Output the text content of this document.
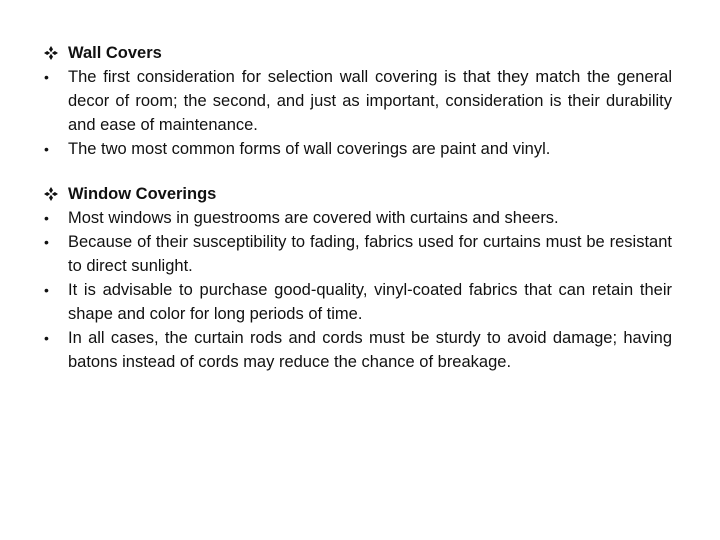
Wall Covers
•	The first consideration for selection wall covering is that they match the general decor of room; the second, and just as important, consideration is their durability and ease of maintenance.
•	The two most common forms of wall coverings are paint and vinyl.
Window Coverings
•	Most windows in guestrooms are covered with curtains and sheers.
•	Because of their susceptibility to fading, fabrics used for curtains must be resistant to direct sunlight.
•	It is advisable to purchase good-quality, vinyl-coated fabrics that can retain their shape and color for long periods of time.
•	In all cases, the curtain rods and cords must be sturdy to avoid damage; having batons instead of cords may reduce the chance of breakage.
